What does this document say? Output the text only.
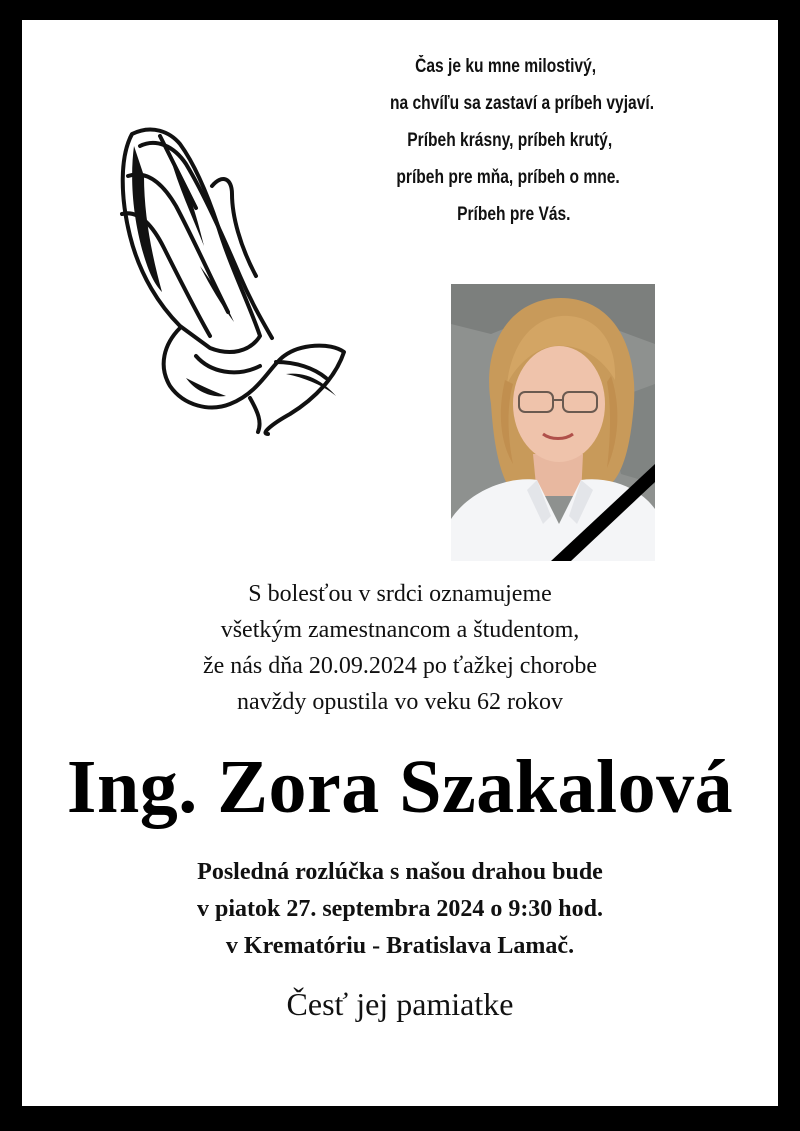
Čas je ku mne milostivý,
na chvíľu sa zastaví a príbeh vyjaví.
Príbeh krásny, príbeh krutý,
príbeh pre mňa, príbeh o mne.
Príbeh pre Vás.
S bolesťou v srdci oznamujeme
všetkým zamestnancom a študentom,
že nás dňa 20.09.2024 po ťažkej chorobe
navždy opustila vo veku 62 rokov
Ing. Zora Szakalová
Posledná rozlúčka s našou drahou bude
v piatok 27. septembra 2024 o 9:30 hod.
v Krematóriu - Bratislava Lamač.
Česť jej pamiatke
